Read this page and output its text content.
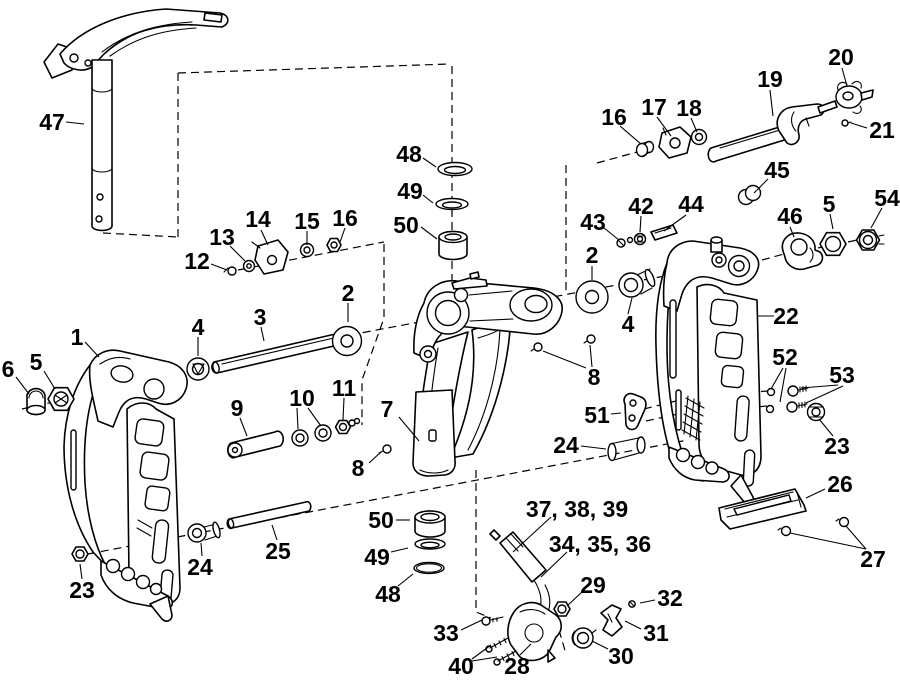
47
12
13
14 15 16
48
49
50
16 17 18
19
20
21
45
43
42 44	46 5 54
2
4	22
52
53
23
26
27
8
51
24
1
5
6
4 3
2
9 10 11
7
8
23
24
25
50
49
48
37, 38, 39
34, 35, 36
29 32
31
30
33
40 28
